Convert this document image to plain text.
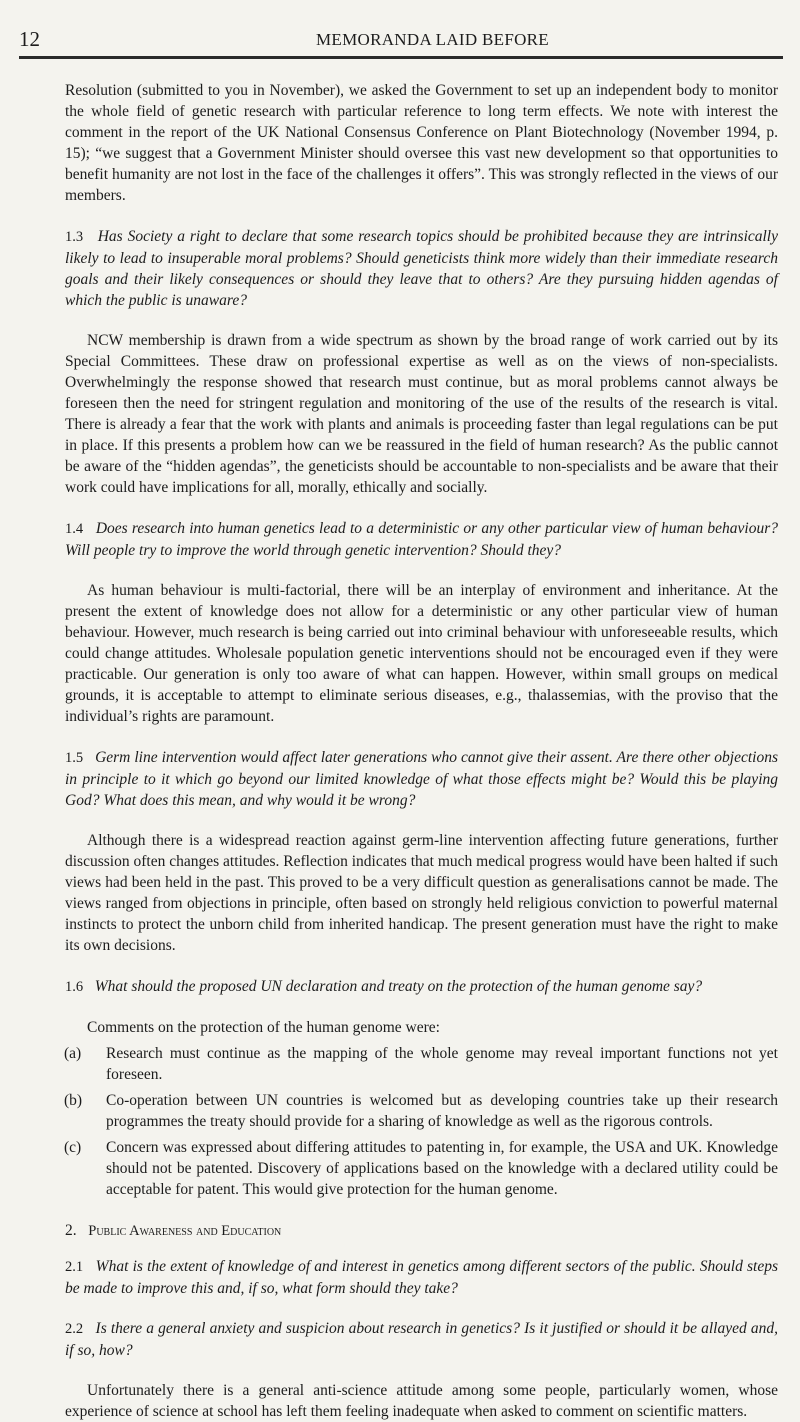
12	MEMORANDA LAID BEFORE

Resolution (submitted to you in November), we asked the Government to set up an independent body to monitor the whole field of genetic research with particular reference to long term effects. We note with interest the comment in the report of the UK National Consensus Conference on Plant Biotechnology (November 1994, p. 15); “we suggest that a Government Minister should oversee this vast new development so that opportunities to benefit humanity are not lost in the face of the challenges it offers”. This was strongly reflected in the views of our members.

1.3 Has Society a right to declare that some research topics should be prohibited because they are intrinsically likely to lead to insuperable moral problems? Should geneticists think more widely than their immediate research goals and their likely consequences or should they leave that to others? Are they pursuing hidden agendas of which the public is unaware?

NCW membership is drawn from a wide spectrum as shown by the broad range of work carried out by its Special Committees. These draw on professional expertise as well as on the views of non-specialists. Overwhelmingly the response showed that research must continue, but as moral problems cannot always be foreseen then the need for stringent regulation and monitoring of the use of the results of the research is vital. There is already a fear that the work with plants and animals is proceeding faster than legal regulations can be put in place. If this presents a problem how can we be reassured in the field of human research? As the public cannot be aware of the “hidden agendas”, the geneticists should be accountable to non-specialists and be aware that their work could have implications for all, morally, ethically and socially.

1.4 Does research into human genetics lead to a deterministic or any other particular view of human behaviour? Will people try to improve the world through genetic intervention? Should they?

As human behaviour is multi-factorial, there will be an interplay of environment and inheritance. At the present the extent of knowledge does not allow for a deterministic or any other particular view of human behaviour. However, much research is being carried out into criminal behaviour with unforeseeable results, which could change attitudes. Wholesale population genetic interventions should not be encouraged even if they were practicable. Our generation is only too aware of what can happen. However, within small groups on medical grounds, it is acceptable to attempt to eliminate serious diseases, e.g., thalassemias, with the proviso that the individual’s rights are paramount.

1.5 Germ line intervention would affect later generations who cannot give their assent. Are there other objections in principle to it which go beyond our limited knowledge of what those effects might be? Would this be playing God? What does this mean, and why would it be wrong?

Although there is a widespread reaction against germ-line intervention affecting future generations, further discussion often changes attitudes. Reflection indicates that much medical progress would have been halted if such views had been held in the past. This proved to be a very difficult question as generalisations cannot be made. The views ranged from objections in principle, often based on strongly held religious conviction to powerful maternal instincts to protect the unborn child from inherited handicap. The present generation must have the right to make its own decisions.

1.6 What should the proposed UN declaration and treaty on the protection of the human genome say?

Comments on the protection of the human genome were:

(a) Research must continue as the mapping of the whole genome may reveal important functions not yet foreseen.
(b) Co-operation between UN countries is welcomed but as developing countries take up their research programmes the treaty should provide for a sharing of knowledge as well as the rigorous controls.
(c) Concern was expressed about differing attitudes to patenting in, for example, the USA and UK. Knowledge should not be patented. Discovery of applications based on the knowledge with a declared utility could be acceptable for patent. This would give protection for the human genome.

2. Public Awareness and Education

2.1 What is the extent of knowledge of and interest in genetics among different sectors of the public. Should steps be made to improve this and, if so, what form should they take?

2.2 Is there a general anxiety and suspicion about research in genetics? Is it justified or should it be allayed and, if so, how?

Unfortunately there is a general anti-science attitude among some people, particularly women, whose experience of science at school has left them feeling inadequate when asked to comment on scientific matters.
